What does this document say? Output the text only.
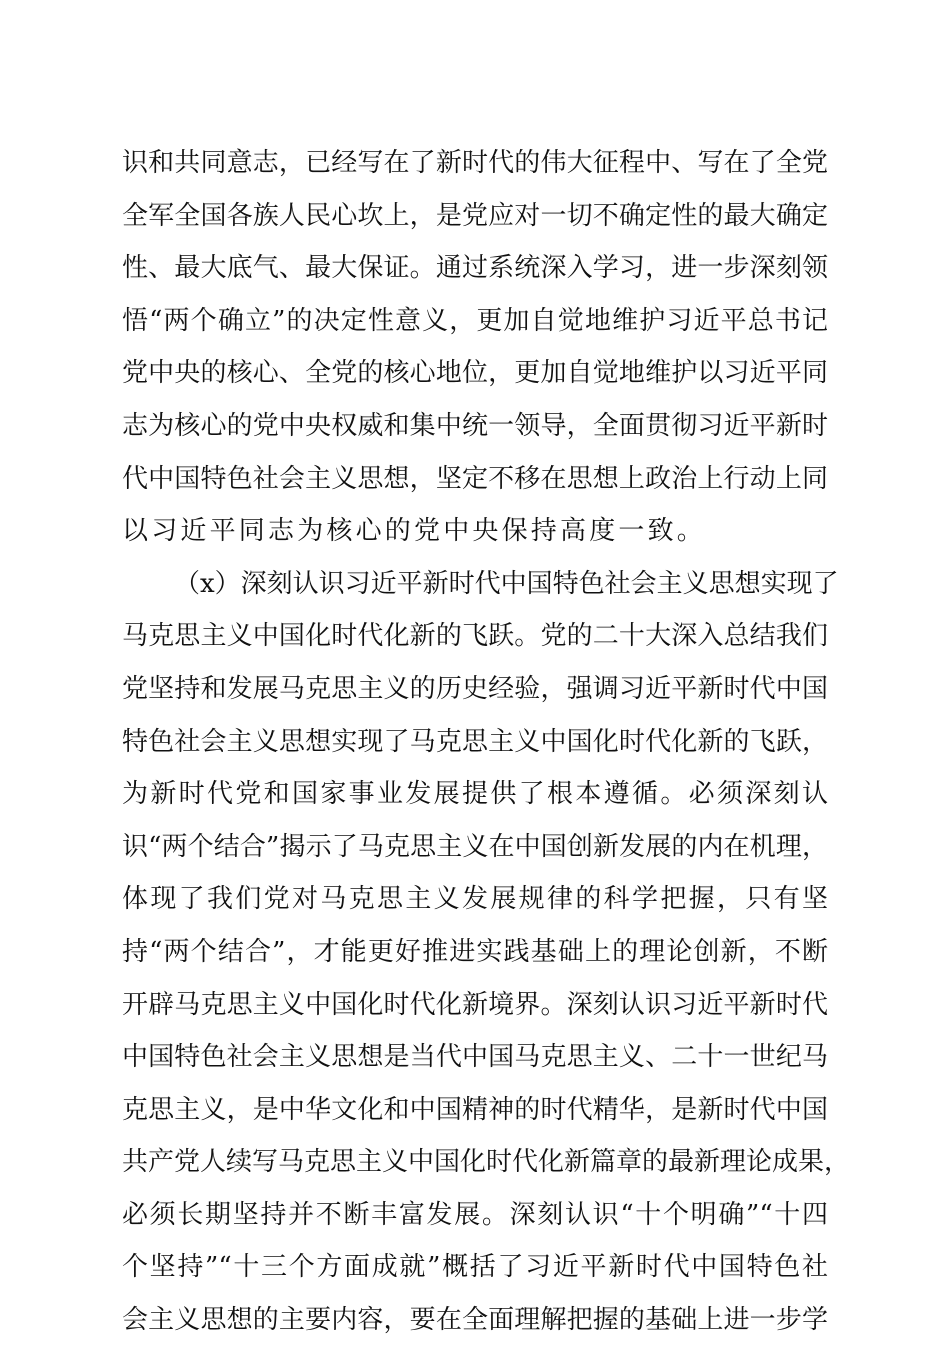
识和共同意志，已经写在了新时代的伟大征程中、写在了全党
全军全国各族人民心坎上，是党应对一切不确定性的最大确定
性、最大底气、最大保证。通过系统深入学习，进一步深刻领
悟“两个确立”的决定性意义，更加自觉地维护习近平总书记
党中央的核心、全党的核心地位，更加自觉地维护以习近平同
志为核心的党中央权威和集中统一领导，全面贯彻习近平新时
代中国特色社会主义思想，坚定不移在思想上政治上行动上同
以习近平同志为核心的党中央保持高度一致。
（x）深刻认识习近平新时代中国特色社会主义思想实现了
马克思主义中国化时代化新的飞跃。党的二十大深入总结我们
党坚持和发展马克思主义的历史经验，强调习近平新时代中国
特色社会主义思想实现了马克思主义中国化时代化新的飞跃，
为新时代党和国家事业发展提供了根本遵循。必须深刻认
识“两个结合”揭示了马克思主义在中国创新发展的内在机理，
体现了我们党对马克思主义发展规律的科学把握，只有坚
持“两个结合”，才能更好推进实践基础上的理论创新，不断
开辟马克思主义中国化时代化新境界。深刻认识习近平新时代
中国特色社会主义思想是当代中国马克思主义、二十一世纪马
克思主义，是中华文化和中国精神的时代精华，是新时代中国
共产党人续写马克思主义中国化时代化新篇章的最新理论成果，
必须长期坚持并不断丰富发展。深刻认识“十个明确”“十四
个坚持”“十三个方面成就”概括了习近平新时代中国特色社
会主义思想的主要内容，要在全面理解把握的基础上进一步学
